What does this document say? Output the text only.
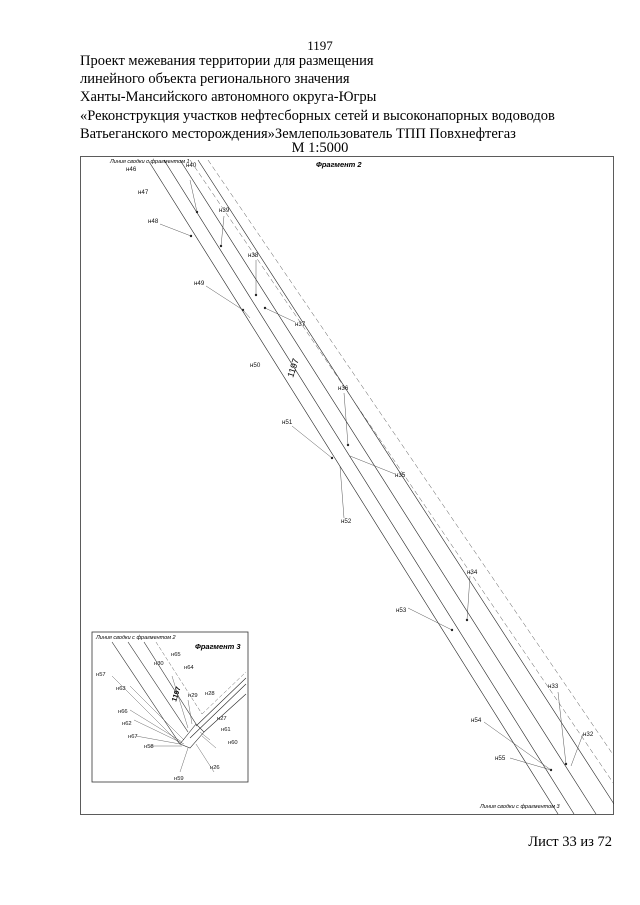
1197
Проект межевания территории для размещения
линейного объекта регионального значения
Ханты-Мансийского автономного округа-Югры
«Реконструкция участков нефтесборных сетей и высоконапорных водоводов
Ватьеганского месторождения»Землепользователь ТПП Повхнефтегаз
М 1:5000
Фрагмент 2
Линия сводки с фрагментом 1
Линия сводки с фрагментом 3
1197
н46
н40
н47
н39
н48
н38
н49
н37
н50
н36
н51
н35
н52
н34
н53
н33
н54
н32
н55
Линия сводки с фрагментом 2
Фрагмент 3
1197
н30
н65
н57
н64
н63
н28
н29
н66
н62
н27
н61
н67
н60
н58
н26
н59
Лист 33 из 72
